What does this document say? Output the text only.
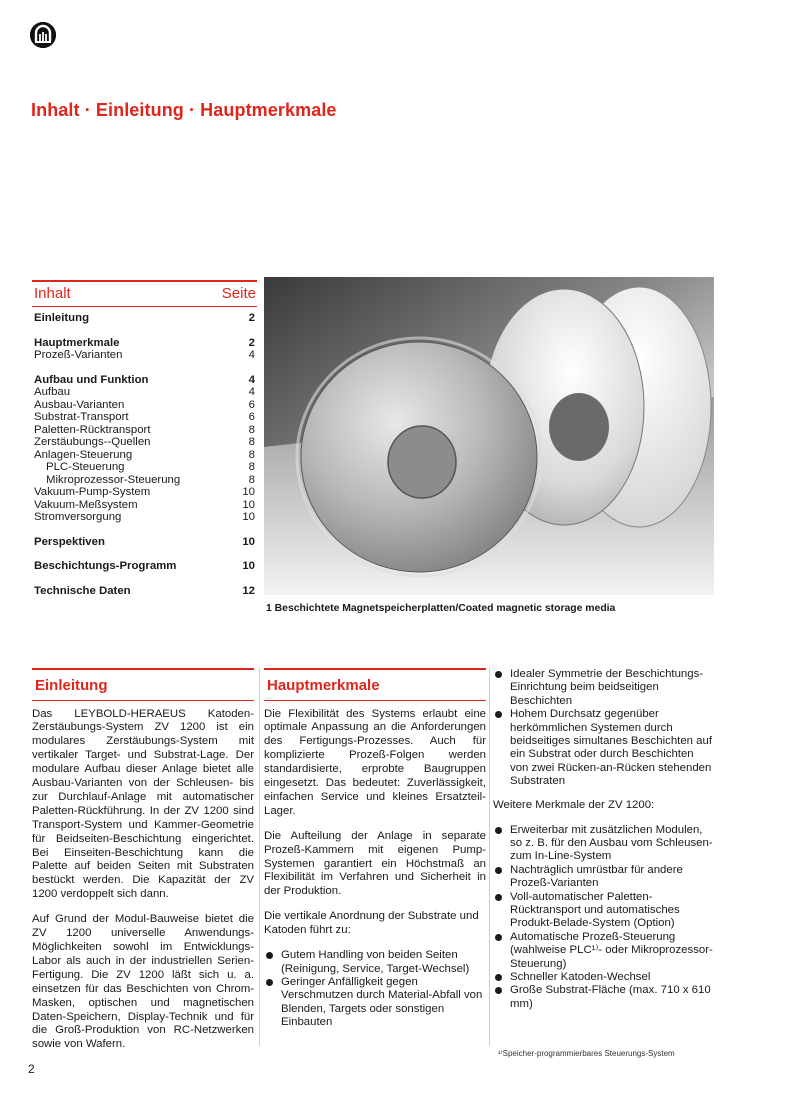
Inhalt · Einleitung · Hauptmerkmale
Inhalt	Seite
Einleitung	2
Hauptmerkmale	2
Prozeß-Varianten	4
Aufbau und Funktion	4
Aufbau	4
Ausbau-Varianten	6
Substrat-Transport	6
Paletten-Rücktransport	8
Zerstäubungs--Quellen	8
Anlagen-Steuerung	8
PLC-Steuerung	8
Mikroprozessor-Steuerung	8
Vakuum-Pump-System	10
Vakuum-Meßsystem	10
Stromversorgung	10
Perspektiven	10
Beschichtungs-Programm	10
Technische Daten	12
1 Beschichtete Magnetspeicherplatten/Coated magnetic storage media
Einleitung

Das LEYBOLD-HERAEUS Katoden-Zerstäubungs-System ZV 1200 ist ein modulares Zerstäubungs-System mit vertikaler Target- und Substrat-Lage. Der modulare Aufbau dieser Anlage bietet alle Ausbau-Varianten von der Schleusen- bis zur Durchlauf-Anlage mit automatischer Paletten-Rückführung. In der ZV 1200 sind Transport-System und Kammer-Geometrie für Beidseiten-Beschichtung eingerichtet. Bei Einseiten-Beschichtung kann die Palette auf beiden Seiten mit Substraten bestückt werden. Die Kapazität der ZV 1200 verdoppelt sich dann.

Auf Grund der Modul-Bauweise bietet die ZV 1200 universelle Anwendungs-Möglichkeiten sowohl im Entwicklungs-Labor als auch in der industriellen Serien-Fertigung. Die ZV 1200 läßt sich u. a. einsetzen für das Beschichten von Chrom-Masken, optischen und magnetischen Daten-Speichern, Display-Technik und für die Groß-Produktion von RC-Netzwerken sowie von Wafern.

Hauptmerkmale

Die Flexibilität des Systems erlaubt eine optimale Anpassung an die Anforderungen des Fertigungs-Prozesses. Auch für komplizierte Prozeß-Folgen werden standardisierte, erprobte Baugruppen eingesetzt. Das bedeutet: Zuverlässigkeit, einfachen Service und kleines Ersatzteil-Lager.

Die Aufteilung der Anlage in separate Prozeß-Kammern mit eigenen Pump-Systemen garantiert ein Höchstmaß an Flexibilität im Verfahren und Sicherheit in der Produktion.

Die vertikale Anordnung der Substrate und Katoden führt zu:

Gutem Handling von beiden Seiten (Reinigung, Service, Target-Wechsel)
Geringer Anfälligkeit gegen Verschmutzen durch Material-Abfall von Blenden, Targets oder sonstigen Einbauten
Idealer Symmetrie der Beschichtungs-Einrichtung beim beidseitigen Beschichten
Hohem Durchsatz gegenüber herkömmlichen Systemen durch beidseitiges simultanes Beschichten auf ein Substrat oder durch Beschichten von zwei Rücken-an-Rücken stehenden Substraten

Weitere Merkmale der ZV 1200:

Erweiterbar mit zusätzlichen Modulen, so z. B. für den Ausbau vom Schleusen- zum In-Line-System
Nachträglich umrüstbar für andere Prozeß-Varianten
Voll-automatischer Paletten-Rücktransport und automatisches Produkt-Belade-System (Option)
Automatische Prozeß-Steuerung (wahlweise PLC¹⁾- oder Mikroprozessor-Steuerung)
Schneller Katoden-Wechsel
Große Substrat-Fläche (max. 710 x 610 mm)
¹⁾Speicher-programmierbares Steuerungs-System
2
